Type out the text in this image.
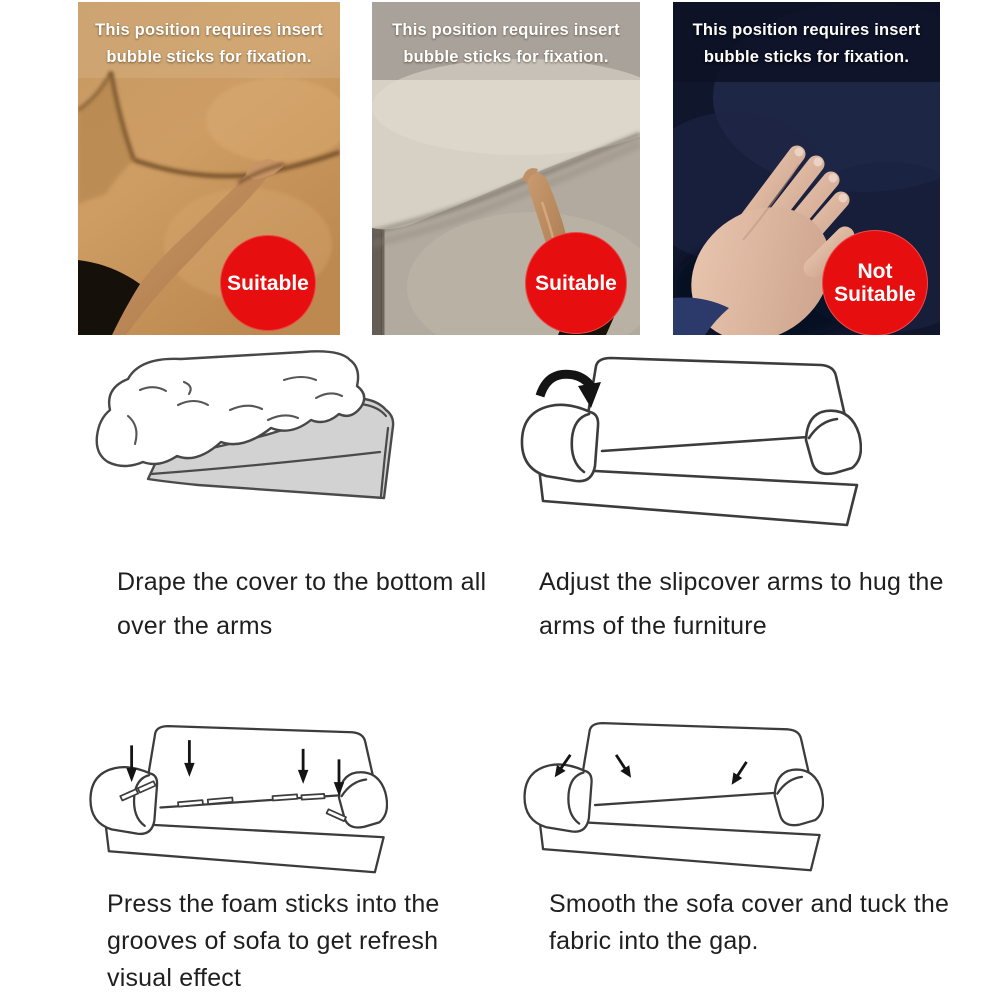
This position requires insert
bubble sticks for fixation.
Suitable
This position requires insert
bubble sticks for fixation.
Suitable
This position requires insert
bubble sticks for fixation.
Not Suitable

Drape the cover to the bottom all
over the arms

Adjust the slipcover arms to hug the
arms of the furniture

Press the foam sticks into the
grooves of sofa to get refresh
visual effect

Smooth the sofa cover and tuck the
fabric into the gap.
